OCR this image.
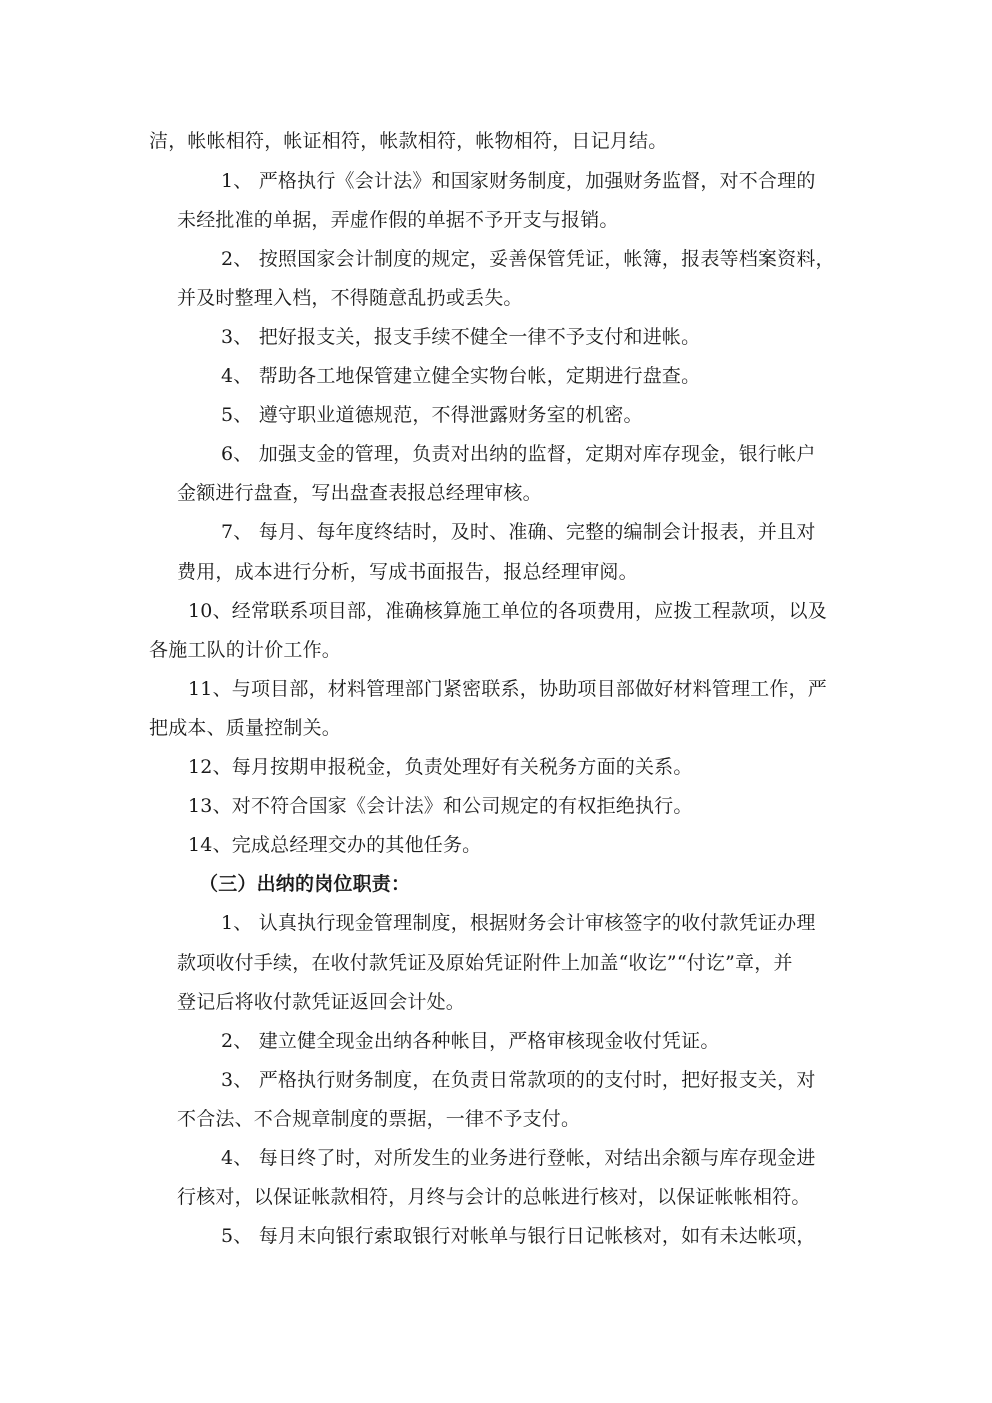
洁，帐帐相符，帐证相符，帐款相符，帐物相符，日记月结。
1、 严格执行《会计法》和国家财务制度，加强财务监督，对不合理的
未经批准的单据，弄虚作假的单据不予开支与报销。
2、 按照国家会计制度的规定，妥善保管凭证，帐簿，报表等档案资料，
并及时整理入档，不得随意乱扔或丢失。
3、 把好报支关，报支手续不健全一律不予支付和进帐。
4、 帮助各工地保管建立健全实物台帐，定期进行盘查。
5、 遵守职业道德规范，不得泄露财务室的机密。
6、 加强支金的管理，负责对出纳的监督，定期对库存现金，银行帐户
金额进行盘查，写出盘查表报总经理审核。
7、 每月、每年度终结时，及时、准确、完整的编制会计报表，并且对
费用，成本进行分析，写成书面报告，报总经理审阅。
10、经常联系项目部，准确核算施工单位的各项费用，应拨工程款项，以及
各施工队的计价工作。
11、与项目部，材料管理部门紧密联系，协助项目部做好材料管理工作，严
把成本、质量控制关。
12、每月按期申报税金，负责处理好有关税务方面的关系。
13、对不符合国家《会计法》和公司规定的有权拒绝执行。
14、完成总经理交办的其他任务。
（三）出纳的岗位职责：
1、 认真执行现金管理制度，根据财务会计审核签字的收付款凭证办理
款项收付手续，在收付款凭证及原始凭证附件上加盖“收讫”“付讫”章，并
登记后将收付款凭证返回会计处。
2、 建立健全现金出纳各种帐目，严格审核现金收付凭证。
3、 严格执行财务制度，在负责日常款项的的支付时，把好报支关，对
不合法、不合规章制度的票据，一律不予支付。
4、 每日终了时，对所发生的业务进行登帐，对结出余额与库存现金进
行核对，以保证帐款相符，月终与会计的总帐进行核对，以保证帐帐相符。
5、 每月末向银行索取银行对帐单与银行日记帐核对，如有未达帐项，
